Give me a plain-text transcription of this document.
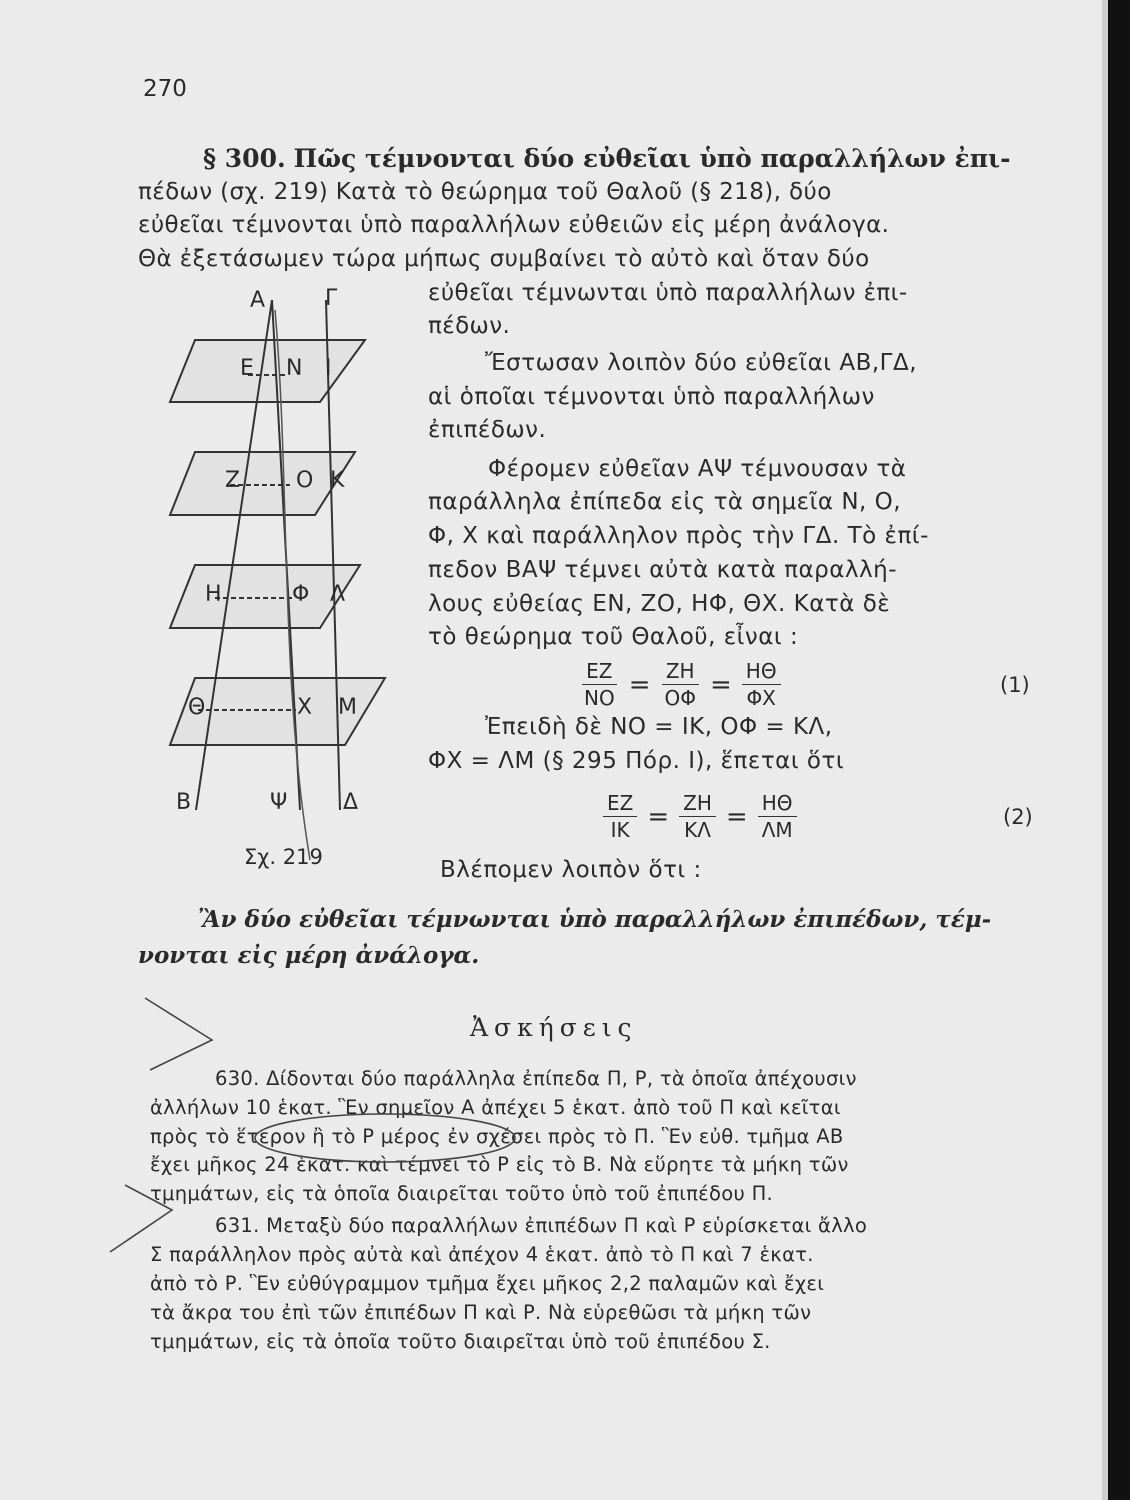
270
§ 300. Πῶς τέμνονται δύο εὐθεῖαι ὑπὸ παραλλήλων ἐπι-
πέδων (σχ. 219) Κατὰ τὸ θεώρημα τοῦ Θαλοῦ (§ 218), δύο
εὐθεῖαι τέμνονται ὑπὸ παραλλήλων εὐθειῶν εἰς μέρη ἀνάλογα.
Θὰ ἐξετάσωμεν τώρα μήπως συμβαίνει τὸ αὐτὸ καὶ ὅταν δύο
εὐθεῖαι τέμνωνται ὑπὸ παραλλήλων ἐπι-
πέδων.
Ἔστωσαν λοιπὸν δύο εὐθεῖαι ΑΒ,ΓΔ,
αἱ ὁποῖαι τέμνονται ὑπὸ παραλλήλων
ἐπιπέδων.
Φέρομεν εὐθεῖαν ΑΨ τέμνουσαν τὰ
παράλληλα ἐπίπεδα εἰς τὰ σημεῖα Ν, Ο,
Φ, Χ καὶ παράλληλον πρὸς τὴν ΓΔ. Τὸ ἐπί-
πεδον ΒΑΨ τέμνει αὐτὰ κατὰ παραλλή-
λους εὐθείας ΕΝ, ΖΟ, ΗΦ, ΘΧ. Κατὰ δὲ
τὸ θεώρημα τοῦ Θαλοῦ, εἶναι :
$\frac{EZ}{NO} = \frac{ZH}{O\Phi} = \frac{H\Theta}{\Phi X}$	(1)
Ἐπειδὴ δὲ ΝΟ = ΙΚ, ΟΦ = ΚΛ,
ΦΧ = ΛΜ (§ 295 Πόρ. Ι), ἕπεται ὅτι
$\frac{EZ}{IK} = \frac{ZH}{K\Lambda} = \frac{H\Theta}{\Lambda M}$	(2)
Βλέπομεν λοιπὸν ὅτι :
Ἂν δύο εὐθεῖαι τέμνωνται ὑπὸ παραλλήλων ἐπιπέδων, τέμ-
νονται εἰς μέρη ἀνάλογα.
Α	Γ
Ε Ν Ι
Ζ	Ο Κ
Η	Φ Λ
Θ	Χ Μ
Β	Ψ	Δ
Σχ. 219
Ἀσκήσεις
630. Δίδονται δύο παράλληλα ἐπίπεδα Π, Ρ, τὰ ὁποῖα ἀπέχουσιν
ἀλλήλων 10 ἑκατ. Ἓν σημεῖον Α ἀπέχει 5 ἑκατ. ἀπὸ τοῦ Π καὶ κεῖται
πρὸς τὸ ἕτερον ἢ τὸ Ρ μέρος ἐν σχέσει πρὸς τὸ Π. Ἓν εὐθ. τμῆμα ΑΒ
ἔχει μῆκος 24 ἑκατ. καὶ τέμνει τὸ Ρ εἰς τὸ Β. Νὰ εὕρητε τὰ μήκη τῶν
τμημάτων, εἰς τὰ ὁποῖα διαιρεῖται τοῦτο ὑπὸ τοῦ ἐπιπέδου Π.
631. Μεταξὺ δύο παραλλήλων ἐπιπέδων Π καὶ Ρ εὑρίσκεται ἄλλο
Σ παράλληλον πρὸς αὐτὰ καὶ ἀπέχον 4 ἑκατ. ἀπὸ τὸ Π καὶ 7 ἑκατ.
ἀπὸ τὸ Ρ. Ἓν εὐθύγραμμον τμῆμα ἔχει μῆκος 2,2 παλαμῶν καὶ ἔχει
τὰ ἄκρα του ἐπὶ τῶν ἐπιπέδων Π καὶ Ρ. Νὰ εὑρεθῶσι τὰ μήκη τῶν
τμημάτων, εἰς τὰ ὁποῖα τοῦτο διαιρεῖται ὑπὸ τοῦ ἐπιπέδου Σ.
